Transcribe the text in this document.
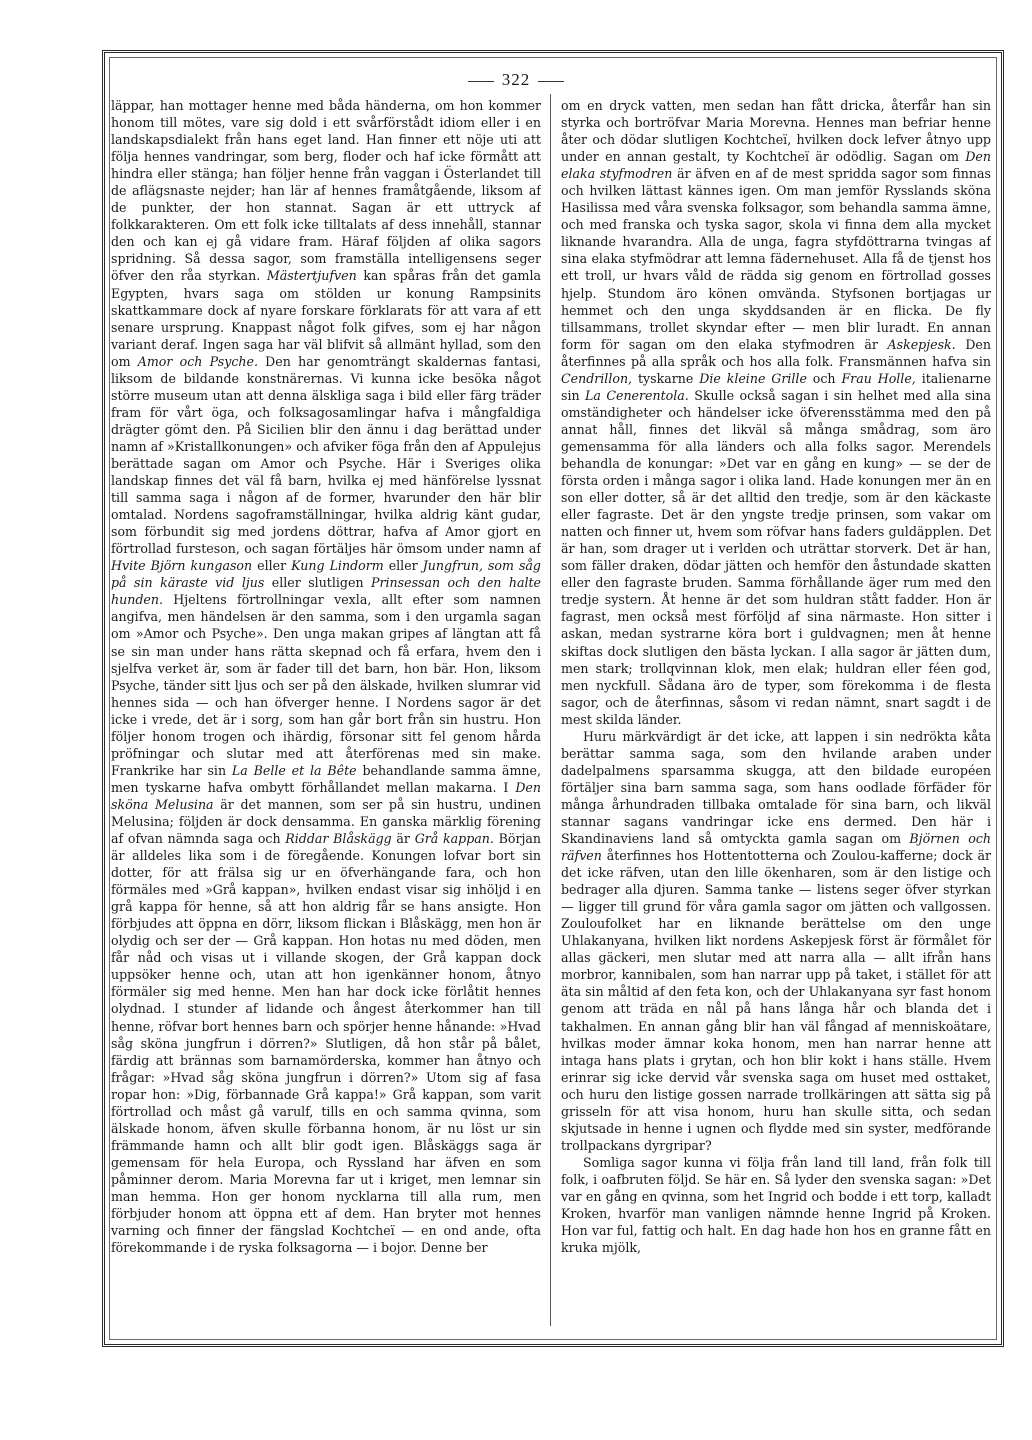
322

läppar, han mottager henne med båda händerna, om hon kommer honom till mötes, vare sig dold i ett svårförstådt idiom eller i en landskapsdialekt från hans eget land. Han finner ett nöje uti att följa hennes vandringar, som berg, floder och haf icke förmått att hindra eller stänga; han följer henne från vaggan i Österlandet till de aflägsnaste nejder; han lär af hennes framåtgående, liksom af de punkter, der hon stannat. Sagan är ett uttryck af folkkarakteren. Om ett folk icke tilltalats af dess innehåll, stannar den och kan ej gå vidare fram. Häraf följden af olika sagors spridning. Så dessa sagor, som framställa intelligensens seger öfver den råa styrkan. Mästertjufven kan spåras från det gamla Egypten, hvars saga om stölden ur konung Rampsinits skattkammare dock af nyare forskare förklarats för att vara af ett senare ursprung. Knappast något folk gifves, som ej har någon variant deraf. Ingen saga har väl blifvit så allmänt hyllad, som den om Amor och Psyche. Den har genomträngt skaldernas fantasi, liksom de bildande konstnärernas. Vi kunna icke besöka något större museum utan att denna älskliga saga i bild eller färg träder fram för vårt öga, och folksagosamlingar hafva i mångfaldiga drägter gömt den. På Sicilien blir den ännu i dag berättad under namn af »Kristallkonungen» och afviker föga från den af Appulejus berättade sagan om Amor och Psyche. Här i Sveriges olika landskap finnes det väl få barn, hvilka ej med hänförelse lyssnat till samma saga i någon af de former, hvarunder den här blir omtalad. Nordens sagoframställningar, hvilka aldrig känt gudar, som förbundit sig med jordens döttrar, hafva af Amor gjort en förtrollad fursteson, och sagan förtäljes här ömsom under namn af Hvite Björn kungason eller Kung Lindorm eller Jungfrun, som såg på sin käraste vid ljus eller slutligen Prinsessan och den halte hunden. Hjeltens förtrollningar vexla, allt efter som namnen angifva, men händelsen är den samma, som i den urgamla sagan om »Amor och Psyche». Den unga makan gripes af längtan att få se sin man under hans rätta skepnad och få erfara, hvem den i sjelfva verket är, som är fader till det barn, hon bär. Hon, liksom Psyche, tänder sitt ljus och ser på den älskade, hvilken slumrar vid hennes sida — och han öfverger henne. I Nordens sagor är det icke i vrede, det är i sorg, som han går bort från sin hustru. Hon följer honom trogen och ihärdig, försonar sitt fel genom hårda pröfningar och slutar med att återförenas med sin make. Frankrike har sin La Belle et la Bête behandlande samma ämne, men tyskarne hafva ombytt förhållandet mellan makarna. I Den sköna Melusina är det mannen, som ser på sin hustru, undinen Melusina; följden är dock densamma. En ganska märklig förening af ofvan nämnda saga och Riddar Blåskägg är Grå kappan. Början är alldeles lika som i de föregående. Konungen lofvar bort sin dotter, för att frälsa sig ur en öfverhängande fara, och hon förmäles med »Grå kappan», hvilken endast visar sig inhöljd i en grå kappa för henne, så att hon aldrig får se hans ansigte. Hon förbjudes att öppna en dörr, liksom flickan i Blåskägg, men hon är olydig och ser der — Grå kappan. Hon hotas nu med döden, men får nåd och visas ut i villande skogen, der Grå kappan dock uppsöker henne och, utan att hon igenkänner honom, åtnyo förmäler sig med henne. Men han har dock icke förlåtit hennes olydnad. I stunder af lidande och ångest återkommer han till henne, röfvar bort hennes barn och spörjer henne hånande: »Hvad såg sköna jungfrun i dörren?» Slutligen, då hon står på bålet, färdig att brännas som barnamörderska, kommer han åtnyo och frågar: »Hvad såg sköna jungfrun i dörren?» Utom sig af fasa ropar hon: »Dig, förbannade Grå kappa!» Grå kappan, som varit förtrollad och måst gå varulf, tills en och samma qvinna, som älskade honom, äfven skulle förbanna honom, är nu löst ur sin främmande hamn och allt blir godt igen. Blåskäggs saga är gemensam för hela Europa, och Ryssland har äfven en som påminner derom. Maria Morevna far ut i kriget, men lemnar sin man hemma. Hon ger honom nycklarna till alla rum, men förbjuder honom att öppna ett af dem. Han bryter mot hennes varning och finner der fängslad Kochtcheï — en ond ande, ofta förekommande i de ryska folksagorna — i bojor. Denne ber

om en dryck vatten, men sedan han fått dricka, återfår han sin styrka och bortröfvar Maria Morevna. Hennes man befriar henne åter och dödar slutligen Kochtcheï, hvilken dock lefver åtnyo upp under en annan gestalt, ty Kochtcheï är odödlig. Sagan om Den elaka styfmodren är äfven en af de mest spridda sagor som finnas och hvilken lättast kännes igen. Om man jemför Rysslands sköna Hasilissa med våra svenska folksagor, som behandla samma ämne, och med franska och tyska sagor, skola vi finna dem alla mycket liknande hvarandra. Alla de unga, fagra styfdöttrarna tvingas af sina elaka styfmödrar att lemna fädernehuset. Alla få de tjenst hos ett troll, ur hvars våld de rädda sig genom en förtrollad gosses hjelp. Stundom äro könen omvända. Styfsonen bortjagas ur hemmet och den unga skyddsanden är en flicka. De fly tillsammans, trollet skyndar efter — men blir luradt. En annan form för sagan om den elaka styfmodren är Askepjesk. Den återfinnes på alla språk och hos alla folk. Fransmännen hafva sin Cendrillon, tyskarne Die kleine Grille och Frau Holle, italienarne sin La Cenerentola. Skulle också sagan i sin helhet med alla sina omständigheter och händelser icke öfverensstämma med den på annat håll, finnes det likväl så många smådrag, som äro gemensamma för alla länders och alla folks sagor. Merendels behandla de konungar: »Det var en gång en kung» — se der de första orden i många sagor i olika land. Hade konungen mer än en son eller dotter, så är det alltid den tredje, som är den käckaste eller fagraste. Det är den yngste tredje prinsen, som vakar om natten och finner ut, hvem som röfvar hans faders guldäpplen. Det är han, som drager ut i verlden och uträttar storverk. Det är han, som fäller draken, dödar jätten och hemför den åstundade skatten eller den fagraste bruden. Samma förhållande äger rum med den tredje systern. Åt henne är det som huldran stått fadder. Hon är fagrast, men också mest förföljd af sina närmaste. Hon sitter i askan, medan systrarne köra bort i guldvagnen; men åt henne skiftas dock slutligen den bästa lyckan. I alla sagor är jätten dum, men stark; trollqvinnan klok, men elak; huldran eller féen god, men nyckfull. Sådana äro de typer, som förekomma i de flesta sagor, och de återfinnas, såsom vi redan nämnt, snart sagdt i de mest skilda länder.

Huru märkvärdigt är det icke, att lappen i sin nedrökta kåta berättar samma saga, som den hvilande araben under dadelpalmens sparsamma skugga, att den bildade européen förtäljer sina barn samma saga, som hans oodlade förfäder för många århundraden tillbaka omtalade för sina barn, och likväl stannar sagans vandringar icke ens dermed. Den här i Skandinaviens land så omtyckta gamla sagan om Björnen och räfven återfinnes hos Hottentotterna och Zoulou-kafferne; dock är det icke räfven, utan den lille ökenharen, som är den listige och bedrager alla djuren. Samma tanke — listens seger öfver styrkan — ligger till grund för våra gamla sagor om jätten och vallgossen. Zouloufolket har en liknande berättelse om den unge Uhlakanyana, hvilken likt nordens Askepjesk först är förmålet för allas gäckeri, men slutar med att narra alla — allt ifrån hans morbror, kannibalen, som han narrar upp på taket, i stället för att äta sin måltid af den feta kon, och der Uhlakanyana syr fast honom genom att träda en nål på hans långa hår och blanda det i takhalmen. En annan gång blir han väl fångad af menniskoätare, hvilkas moder ämnar koka honom, men han narrar henne att intaga hans plats i grytan, och hon blir kokt i hans ställe. Hvem erinrar sig icke dervid vår svenska saga om huset med osttaket, och huru den listige gossen narrade trollkäringen att sätta sig på grisseln för att visa honom, huru han skulle sitta, och sedan skjutsade in henne i ugnen och flydde med sin syster, medförande trollpackans dyrgripar?

Somliga sagor kunna vi följa från land till land, från folk till folk, i oafbruten följd. Se här en. Så lyder den svenska sagan: »Det var en gång en qvinna, som het Ingrid och bodde i ett torp, kalladt Kroken, hvarför man vanligen nämnde henne Ingrid på Kroken. Hon var ful, fattig och halt. En dag hade hon hos en granne fått en kruka mjölk,
